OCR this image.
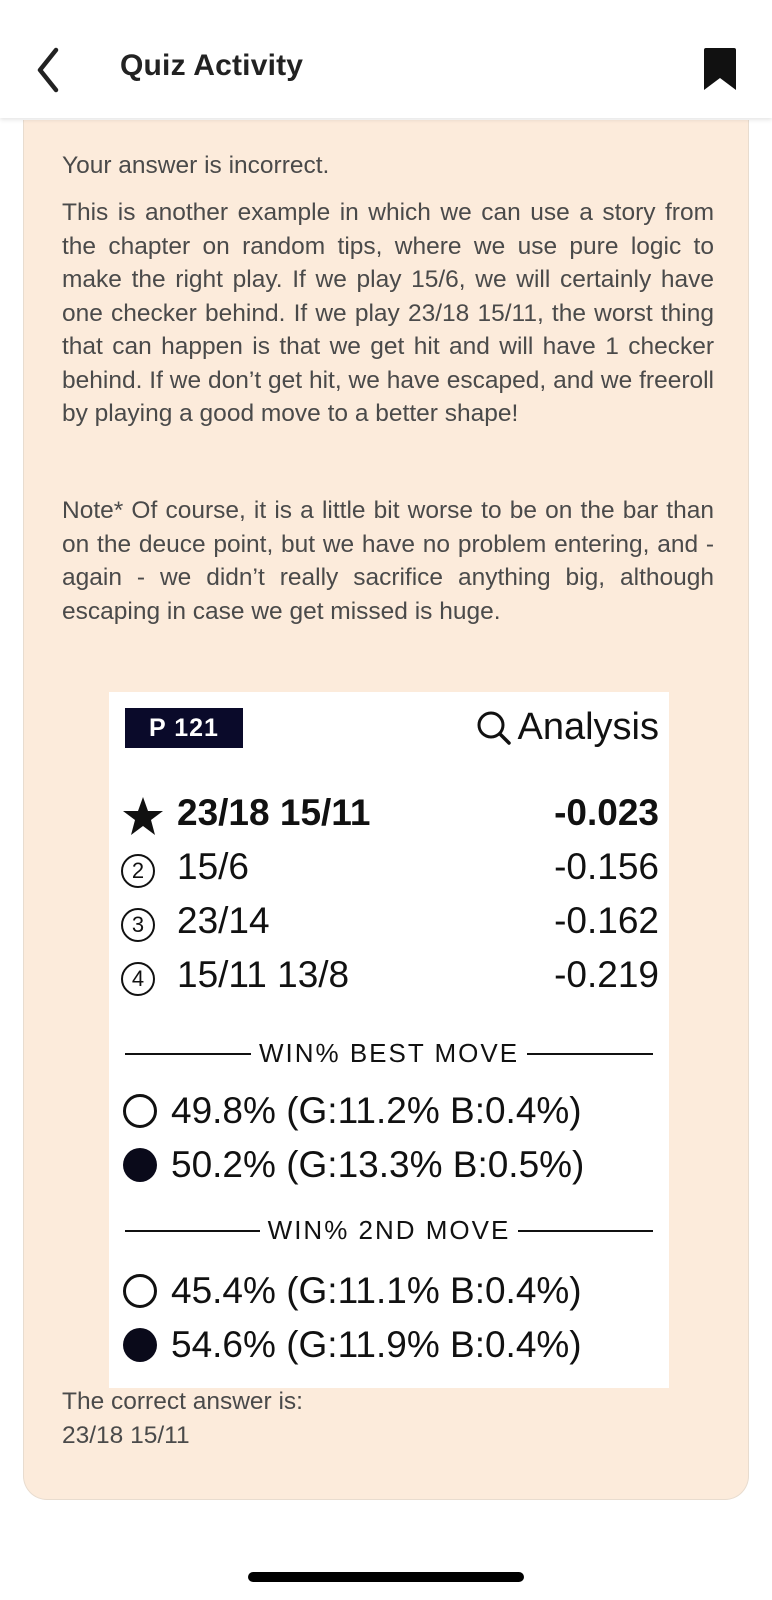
Quiz Activity
Your answer is incorrect.
This is another example in which we can use a story from the chapter on random tips, where we use pure logic to make the right play. If we play 15/6, we will certainly have one checker behind. If we play 23/18 15/11, the worst thing that can happen is that we get hit and will have 1 checker behind. If we don’t get hit, we have escaped, and we freeroll by playing a good move to a better shape!
Note* Of course, it is a little bit worse to be on the bar than on the deuce point, but we have no problem entering, and - again - we didn’t really sacrifice anything big, although escaping in case we get missed is huge.
P 121	Analysis
23/18 15/11	-0.023
2 15/6	-0.156
3 23/14	-0.162
4 15/11 13/8	-0.219
WIN% BEST MOVE
49.8% (G:11.2% B:0.4%)
50.2% (G:13.3% B:0.5%)
WIN% 2ND MOVE
45.4% (G:11.1% B:0.4%)
54.6% (G:11.9% B:0.4%)
The correct answer is:
23/18 15/11
